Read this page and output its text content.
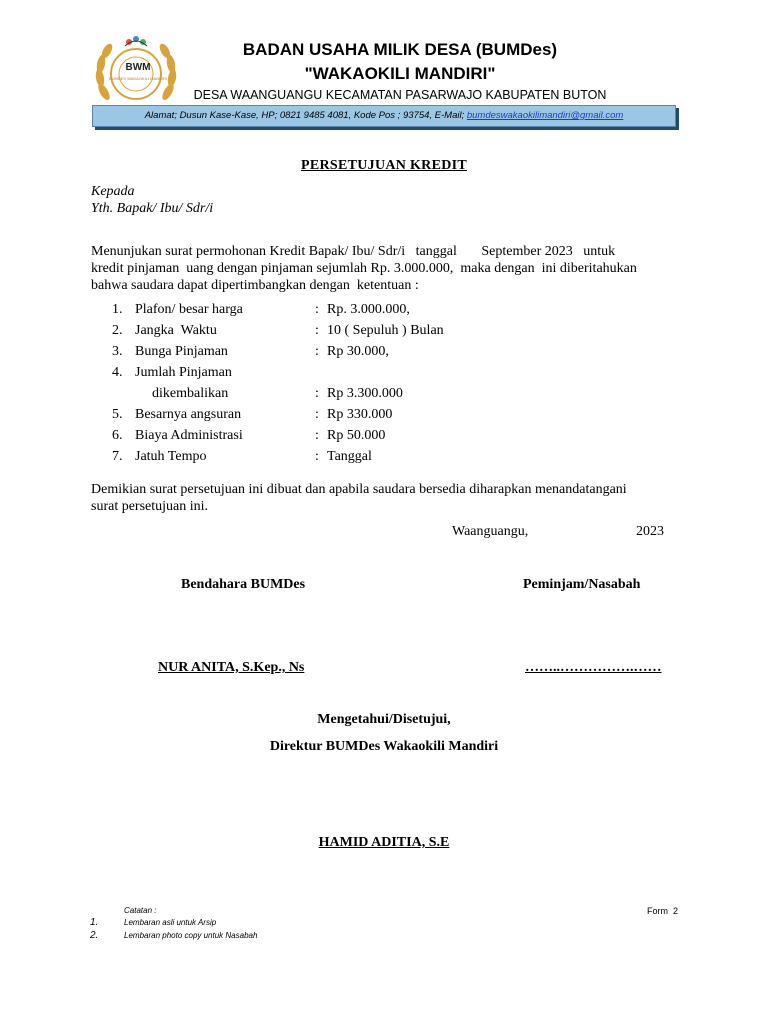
BWM
BUMDES WAKAOKILI MANDIRI
BADAN USAHA MILIK DESA (BUMDes)
"WAKAOKILI MANDIRI"
DESA WAANGUANGU KECAMATAN PASARWAJO KABUPATEN BUTON
Alamat; Dusun Kase-Kase, HP; 0821 9485 4081, Kode Pos ; 93754, E-Mail; bumdeswakaokilimandiri@gmail.com
PERSETUJUAN KREDIT
Kepada
Yth. Bapak/ Ibu/ Sdr/i
Menunjukan surat permohonan Kredit Bapak/ Ibu/ Sdr/i   tanggal       September 2023   untuk
kredit pinjaman  uang dengan pinjaman sejumlah Rp. 3.000.000,  maka dengan  ini diberitahukan
bahwa saudara dapat dipertimbangkan dengan  ketentuan :
1. Plafon/ besar harga	: Rp. 3.000.000,
2. Jangka  Waktu	: 10 ( Sepuluh ) Bulan
3. Bunga Pinjaman	: Rp 30.000,
4. Jumlah Pinjaman
dikembalikan	: Rp 3.300.000
5. Besarnya angsuran	: Rp 330.000
6. Biaya Administrasi	: Rp 50.000
7. Jatuh Tempo	: Tanggal
Demikian surat persetujuan ini dibuat dan apabila saudara bersedia diharapkan menandatangani
surat persetujuan ini.
Waanguangu,	2023
Bendahara BUMDes	Peminjam/Nasabah
NUR ANITA, S.Kep., Ns	……..…………….……
Mengetahui/Disetujui,
Direktur BUMDes Wakaokili Mandiri
HAMID ADITIA, S.E
Catatan :	Form  2
1.	Lembaran asli untuk Arsip
2.	Lembaran photo copy untuk Nasabah
